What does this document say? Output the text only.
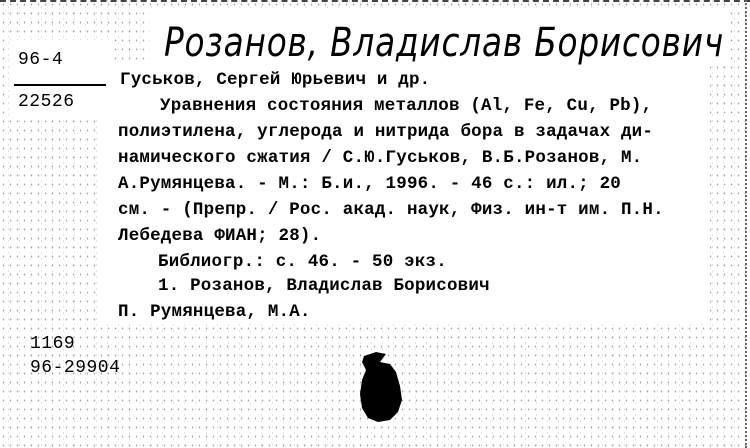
Розанов, Владислав Борисович
96-4
22526
Гуськов, Сергей Юрьевич и др.
Уравнения состояния металлов (Al, Fe, Cu, Pb),
полиэтилена, углерода и нитрида бора в задачах ди-
намического сжатия / С.Ю.Гуськов, В.Б.Розанов, М.
А.Румянцева. - М.: Б.и., 1996. - 46 с.: ил.; 20
см. - (Препр. / Рос. акад. наук, Физ. ин-т им. П.Н.
Лебедева ФИАН; 28).
Библиогр.: с. 46. - 50 экз.
1. Розанов, Владислав Борисович
П. Румянцева, М.А.
1169
96-29904
